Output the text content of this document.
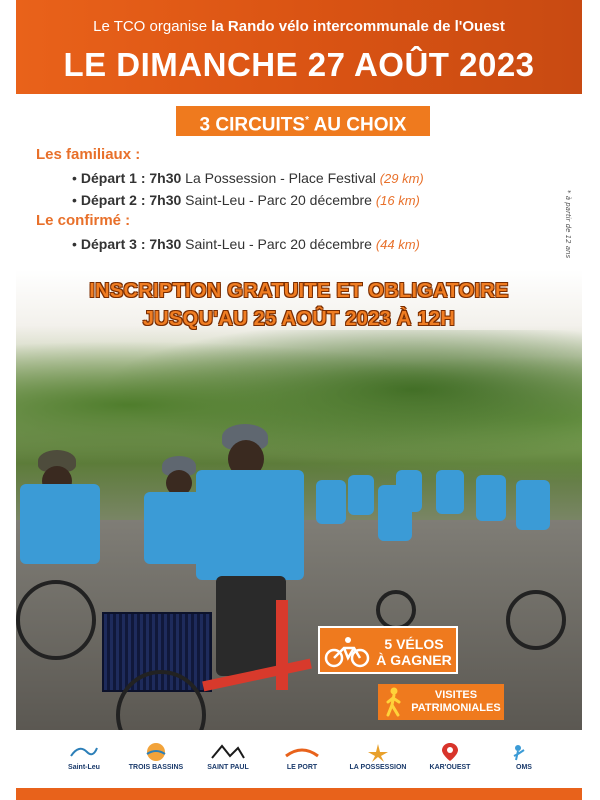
Le TCO organise la Rando vélo intercommunale de l'Ouest
LE DIMANCHE 27 AOÛT 2023
3 CIRCUITS* AU CHOIX
Les familiaux :
• Départ 1 : 7h30 La Possession - Place Festival (29 km)
• Départ 2 : 7h30 Saint-Leu - Parc 20 décembre (16 km)
Le confirmé :
• Départ 3 : 7h30 Saint-Leu - Parc 20 décembre (44 km)	* à partir de 12 ans
INSCRIPTION GRATUITE ET OBLIGATOIRE
JUSQU'AU 25 AOÛT 2023 À 12H
5 VÉLOS
À GAGNER
VISITES
PATRIMONIALES
Saint-Leu	TROIS BASSINS	SAINT PAUL	LE PORT	LA POSSESSION	KAR'OUEST	OMS
